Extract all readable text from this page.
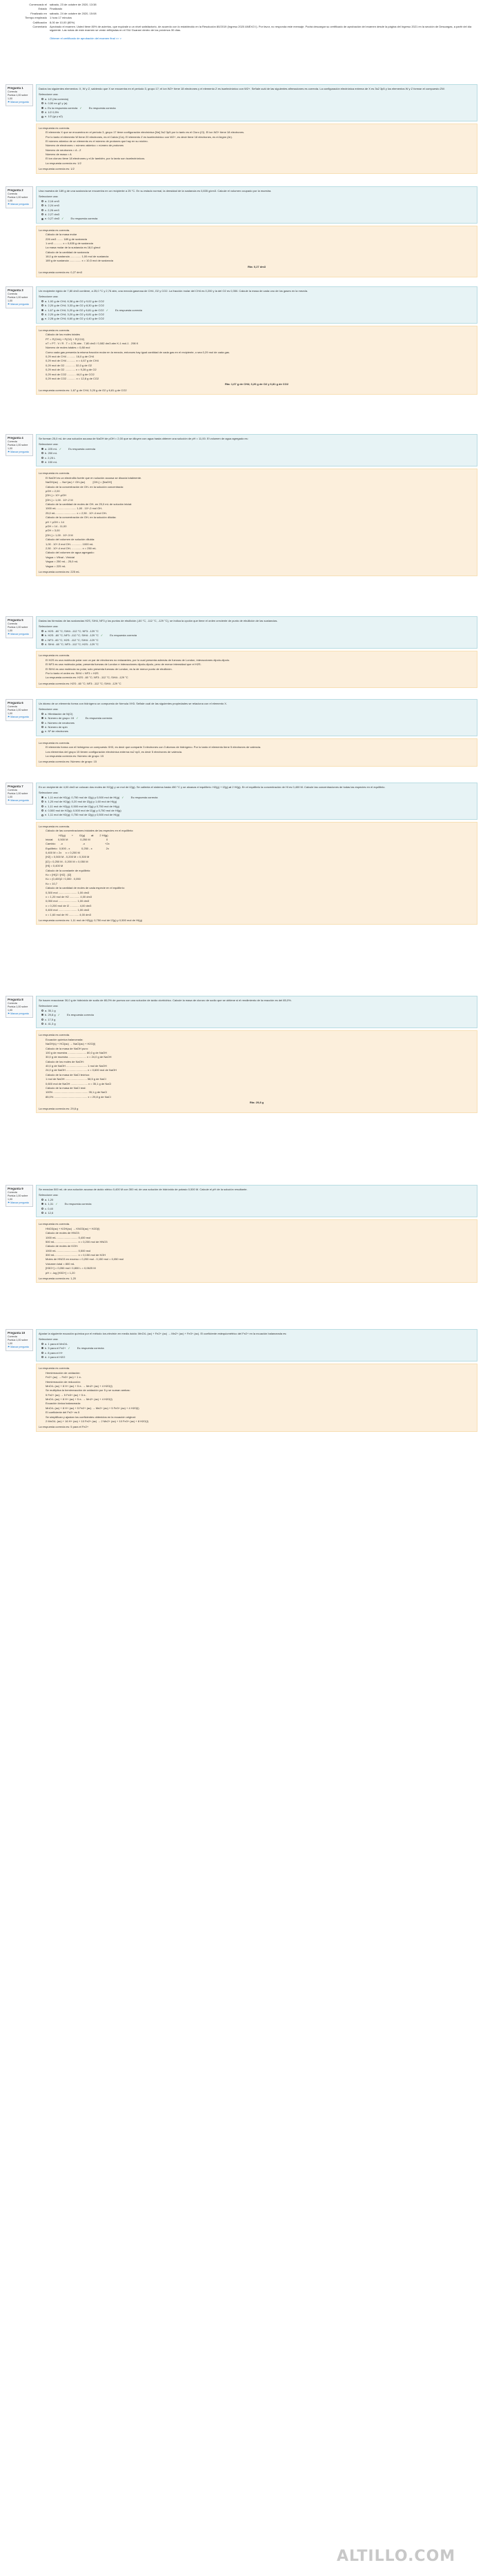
Comenzado el	sábado, 23 de octubre de 2020, 13:38
Estado	Finalizado
Finalizado en	sábado, 24 de octubre de 2020, 15:08
Tiempo empleado	1 hora 17 minutos
Calificación	8,00 de 10,00 (80%)
Comentario	Aprobado el examen. Usted tiene 80% de aciertos, que equivale a un nivel satisfactorio, de acuerdo con lo establecido en la Resolución 80/2019 (Ingreso 2020 ANEXO I). Por favor, no responda este mensaje. Podrá descargar su certificado de aprobación del examen desde la página del Ingreso 2021 en la sección de Descargas, a partir del día siguiente. Las notas de este examen se verán reflejadas en el SIU Guaraní dentro de los próximos 30 días.
Obtener el certificado de aprobación del examen final >> >
Pregunta 1
Correcta
Puntúa 1,00 sobre 1,00
⚑ Marcar pregunta
Dados los siguientes elementos: X, W y Z, sabiendo que X se encuentra en el periodo 3, grupo 17; el ion W2+ tiene 18 electrones y el elemento Z es isoelectrónico con W2+. Señale cuál de las siguientes afirmaciones es correcta. La configuración electrónica externa de X es 3s2 3p5 y los elementos W y Z forman el compuesto ZW.
Seleccione una:
a. 1/2 (rta correcta)
b. 0,50 en g2 y (a)
c. Es la respuesta correcta ✓	Es respuesta correcta
d. 1/2 0,5%
e. 1/2 (gr y s2)
La respuesta es correcta.
El elemento X que se encuentra en el periodo 3, grupo 17 tiene configuración electrónica [Ne] 3s2 3p5 por lo tanto es el Cloro (Cl). El ion W2+ tiene 18 electrones.
Por lo tanto el elemento W tiene 20 electrones, es el Calcio (Ca). El elemento Z es isoelectrónico con W2+, es decir tiene 18 electrones, es el Argón (Ar).
El número atómico de un elemento es el número de protones que hay en su núcleo.
Número de electrones = número atómico = número de protones
Número de neutrones = A - Z
Número de masa = A
El ion cloruro tiene 18 electrones y el Ar también, por lo tanto son isoelectrónicos.
La respuesta correcta es: 1/2
La respuesta correcta es: 1/2
Pregunta 2
Correcta
Puntúa 1,00 sobre 1,00
⚑ Marcar pregunta
Una muestra de 189 g de una sustancia se encuentra en un recipiente a 25 °C. En su estado normal, la densidad de la sustancia es 0,835 g/cm3. Calcule el volumen ocupado por la muestra.
Seleccione una:
a. 2,16 cm3
b. 2,24 cm3
c. 2,26 cm3
d. 2,27 dm3
e. 0,27 dm3 ✓	Es respuesta correcta
La respuesta es correcta.
Cálculo de la masa molar
226 cm3 ........ 189 g de sustancia
1 cm3 ........... x = 0,835 g de sustancia
La masa molar de la sustancia es 18,0 g/mol
Cálculo de la cantidad de sustancia
18,0 g de sustancia .............. 1,00 mol de sustancia
189 g de sustancia ............... x = 10,5 mol de sustancia
Rta: 0,27 dm3
La respuesta correcta es: 0,27 dm3
Pregunta 3
Correcta
Puntúa 1,00 sobre 1,00
⚑ Marcar pregunta
Un recipiente rígido de 7,80 dm3 contiene, a 25,0 °C y 2,76 atm, una mezcla gaseosa de CH4, O2 y CO2. La fracción molar del CH4 es 0,200 y la del O2 es 0,350. Calcule la masa de cada uno de los gases en la mezcla.
Seleccione una:
a. 1,92 g de CH4; 6,38 g de O2 y 9,02 g de CO2
b. 2,20 g de CH4; 3,33 g de O2 y 8,30 g de CO2
c. 1,67 g de CH4; 3,20 g de O2 y 6,81 g de CO2 ✓	Es respuesta correcta
d. 2,20 g de CH4; 3,20 g de O2 y 6,81 g de CO2
e. 2,28 g de CH4; 6,60 g de O2 y 4,40 g de CO2
La respuesta es correcta.
Cálculo de los moles totales
PT = P(CH4) + P(O2) + P(CO2)
nT = PT . V / R . T = 2,76 atm . 7,80 dm3 / 0,082 dm3 atm K-1 mol-1 . 298 K
Número de moles totales = 0,88 mol
Como cada gas presenta la misma fracción molar en la mezcla, entonces hay igual cantidad de cada gas en el recipiente, o sea 0,29 mol de cada gas.
0,29 mol de CH4 ........... 16,0 g de CH4
0,29 mol de CH4 ........... x = 4,67 g de CH4
0,29 mol de O2 ............. 32,0 g de O2
0,29 mol de O2 ............. x = 9,28 g de O2
0,29 mol de CO2 ........... 44,0 g de CO2
0,29 mol de CO2 ........... x = 12,8 g de CO2
Rta: 1,67 g de CH4; 3,20 g de O2 y 6,81 g de CO2
La respuesta correcta es: 1,67 g de CH4; 3,20 g de O2 y 6,81 g de CO2
Pregunta 4
Correcta
Puntúa 1,00 sobre 1,00
⚑ Marcar pregunta
Se forman 25,0 mL de una solución acuosa de NaOH de pOH = 2,00 que se diluyen con agua hasta obtener una solución de pH = 11,00. El volumen de agua agregado es:
Seleccione una:
a. 225 mL ✓	Es respuesta correcta
b. 250 mL
c. 2,25 L
d. 150 mL
La respuesta es correcta.
El NaOH es un electrolito fuerte que en solución acuosa se disocia totalmente.
NaOH(ac) → Na+(ac) + OH-(ac)          [OH-] = [NaOH]
Cálculo de la concentración de OH- en la solución concentrada:
pOH = 2,00
[OH-] = 10^-pOH
[OH-] = 1,00 . 10^-2 M
Cálculo de la cantidad de moles de OH- en 25,0 mL de solución inicial:
1000 mL ......................... 1,00 . 10^-2 mol OH-
25,0 mL .......................... x = 2,50 . 10^-4 mol OH-
Cálculo de la concentración de OH- en la solución diluida:
pH + pOH = 14
pOH = 14 - 11,00
pOH = 3,00
[OH-] = 1,00 . 10^-3 M
Cálculo del volumen de solución diluida:
1,00 . 10^-3 mol OH- ............. 1000 mL
2,50 . 10^-4 mol OH- ............. x = 250 mL
Cálculo del volumen de agua agregado:
Vagua = Vfinal - Vinicial
Vagua = 250 mL - 25,0 mL
Vagua = 225 mL
La respuesta correcta es: 225 mL
Pregunta 5
Correcta
Puntúa 1,00 sobre 1,00
⚑ Marcar pregunta
Dadas las fórmulas de las sustancias H2S, SiH4, NF3 y los puntos de ebullición (-60 °C, -112 °C, -129 °C), se indica la opción que tiene el orden creciente de punto de ebullición de las sustancias.
Seleccione una:
a. H2S: -60 °C; SiH4: -112 °C; NF3: -129 °C
b. H2S: -60 °C; NF3: -112 °C; SiH4: -129 °C ✓	Es respuesta correcta
c. NF3: -60 °C; H2S: -112 °C; SiH4: -129 °C
d. SiH4: -60 °C; NF3: -112 °C; H2S: -129 °C
La respuesta es correcta.
El H2S es una molécula polar con un par de electrones no enlazantes, por lo cual presenta además de fuerzas de London, interacciones dipolo-dipolo.
El NF3 es una molécula polar, presenta fuerzas de London e interacciones dipolo-dipolo, pero de menor intensidad que el H2S.
El SiH4 es una molécula no polar, solo presenta fuerzas de London, es la de menor punto de ebullición.
Por lo tanto el orden es: SiH4 < NF3 < H2S
La respuesta correcta es: H2S: -60 °C; NF3: -112 °C; SiH4: -129 °C
La respuesta correcta es: H2S: -60 °C; NF3: -112 °C; SiH4: -129 °C
Pregunta 6
Correcta
Puntúa 1,00 sobre 1,00
⚑ Marcar pregunta
Un átomo de un elemento forma con hidrógeno un compuesto de fórmula XH3. Señale cuál de las siguientes propiedades se relaciona con el elemento X.
Seleccione una:
a. Hibridación de N(Cl)
b. Número de grupo: 15 ✓	Es respuesta correcta
c. Número de neutrones
d. Número de spin
e. Nº de electrones
La respuesta es correcta.
El elemento forma con el hidrógeno un compuesto XH3, es decir que comparte 3 electrones con 3 átomos de hidrógeno. Por lo tanto el elemento tiene 5 electrones de valencia.
Los elementos del grupo 15 tienen configuración electrónica externa ns2 np3, es decir 5 electrones de valencia.
La respuesta correcta es: Número de grupo: 15
La respuesta correcta es: Número de grupo: 15
Pregunta 7
Correcta
Puntúa 1,00 sobre 1,00
⚑ Marcar pregunta
En un recipiente de 4,00 dm3 se colocan dos moles de H2(g) y un mol de I2(g). Se calienta el sistema hasta 450 °C y se alcanza el equilibrio: H2(g) + I2(g) ⇌ 2 HI(g). En el equilibrio la concentración de HI es 0,400 M. Calcule las concentraciones de todas las especies en el equilibrio.
Seleccione una:
a. 1,11 mol de H2(g); 0,750 mol de I2(g) y 0,500 mol de HI(g) ✓	Es respuesta correcta
b. 1,20 mol de H2(g); 0,20 mol de I2(g) y 1,60 mol de HI(g)
c. 1,11 mol de H2(g); 0,500 mol de I2(g) y 0,750 mol de HI(g)
d. 0,500 mol de H2(g); 0,500 mol de I2(g) y 0,750 mol de HI(g)
e. 1,11 mol de H2(g); 0,750 mol de I2(g) y 0,500 mol de HI(g)
La respuesta es correcta.
Cálculo de las concentraciones iniciales de las especies en el equilibrio:
H2(g)        +        I2(g)        ⇌        2 HI(g)
Inicial:      0,500 M                0,250 M                     0
Cambio:      -x                          -x                          +2x
Equilibrio:  0,500 - x               0,250 - x                  2x
0,400 M = 2x     x = 0,200 M
[H2] = 0,500 M - 0,200 M = 0,300 M
[I2] = 0,250 M - 0,200 M = 0,050 M
[HI] = 0,400 M
Cálculo de la constante de equilibrio:
Kc = [HI]2 / [H2] . [I2]
Kc = (0,400)2 / 0,300 . 0,050
Kc = 10,7
Cálculo de la cantidad de moles de cada especie en el equilibrio:
0,300 mol ........................ 1,00 dm3
x = 1,20 mol de H2 ............. 4,00 dm3
0,050 mol ........................ 1,00 dm3
x = 0,200 mol de I2 ............ 4,00 dm3
0,400 mol ........................ 1,00 dm3
x = 1,60 mol de HI ............. 4,00 dm3
La respuesta correcta es: 1,11 mol de H2(g); 0,750 mol de I2(g) y 0,500 mol de HI(g)
Pregunta 8
Correcta
Puntúa 1,00 sobre 1,00
⚑ Marcar pregunta
Se hacen reaccionar 30,0 g de hidróxido de sodio de 80,0% de pureza con una solución de ácido clorhídrico. Calcule la masa de cloruro de sodio que se obtiene si el rendimiento de la reacción es del 85,0%.
Seleccione una:
a. 35,1 g
b. 29,8 g ✓	Es respuesta correcta
c. 17,5 g
d. 41,3 g
La respuesta es correcta.
Ecuación química balanceada:
NaOH(s) + HCl(ac) → NaCl(ac) + H2O(l)
Cálculo de la masa de NaOH puro:
100 g de muestra ........................ 80,0 g de NaOH
30,0 g de muestra ....................... x = 24,0 g de NaOH
Cálculo de los moles de NaOH:
40,0 g de NaOH ........................... 1 mol de NaOH
24,0 g de NaOH ........................... x = 0,600 mol de NaOH
Cálculo de la masa de NaCl teórica:
1 mol de NaOH ............................ 58,5 g de NaCl
0,600 mol de NaOH ...................... x = 35,1 g de NaCl
Cálculo de la masa de NaCl real:
100% ............................................. 35,1 g de NaCl
85,0% ........................................... x = 29,8 g de NaCl
Rta: 29,8 g
La respuesta correcta es: 29,8 g
Pregunta 9
Correcta
Puntúa 1,00 sobre 1,00
⚑ Marcar pregunta
Se mezclan 500 mL de una solución acuosa de ácido nítrico 0,400 M con 300 mL de una solución de hidróxido de potasio 0,500 M. Calcule el pH de la solución resultante.
Seleccione una:
a. 1,20
b. 1,31 ✓	Es respuesta correcta
c. 0,40
d. 12,6
La respuesta es correcta.
HNO3(ac) + KOH(ac) → KNO3(ac) + H2O(l)
Cálculo de moles de HNO3:
1000 mL ........................... 0,400 mol
500 mL ............................. x = 0,200 mol de HNO3
Cálculo de moles de KOH:
1000 mL ........................... 0,500 mol
300 mL ............................. x = 0,150 mol de KOH
Moles de HNO3 en exceso = 0,200 mol - 0,150 mol = 0,050 mol
Volumen total = 800 mL
[H3O+] = 0,050 mol / 0,800 L = 0,0625 M
pH = -log [H3O+] = 1,20
La respuesta correcta es: 1,20
Pregunta 10
Correcta
Puntúa 1,00 sobre 1,00
⚑ Marcar pregunta
Ajustar la siguiente ecuación química por el método ion-electrón en medio ácido: MnO4- (ac) + Fe2+ (ac) → Mn2+ (ac) + Fe3+ (ac). El coeficiente estequiométrico del Fe2+ en la ecuación balanceada es:
Seleccione una:
a. 1 para el MnO4-
b. 5 para el Fe2+ ✓	Es respuesta correcta
c. 8 para el H+
d. 4 para el H2O
La respuesta es correcta.
Hemirreacción de oxidación:
Fe2+ (ac) → Fe3+ (ac) + 1 e-
Hemirreacción de reducción:
MnO4- (ac) + 8 H+ (ac) + 5 e- → Mn2+ (ac) + 4 H2O(l)
Se multiplica la hemirreacción de oxidación por 5 y se suman ambas:
5 Fe2+ (ac) → 5 Fe3+ (ac) + 5 e-
MnO4- (ac) + 8 H+ (ac) + 5 e- → Mn2+ (ac) + 4 H2O(l)
Ecuación iónica balanceada:
MnO4- (ac) + 8 H+ (ac) + 5 Fe2+ (ac) → Mn2+ (ac) + 5 Fe3+ (ac) + 4 H2O(l)
El coeficiente del Fe2+ es 5
Se simplifican y ajustan los coeficientes obtenidos en la ecuación original:
2 MnO4- (ac) + 16 H+ (ac) + 10 Fe2+ (ac) → 2 Mn2+ (ac) + 10 Fe3+ (ac) + 8 H2O(l)
La respuesta correcta es: 5 para el Fe2+
ALTILLO.COM
